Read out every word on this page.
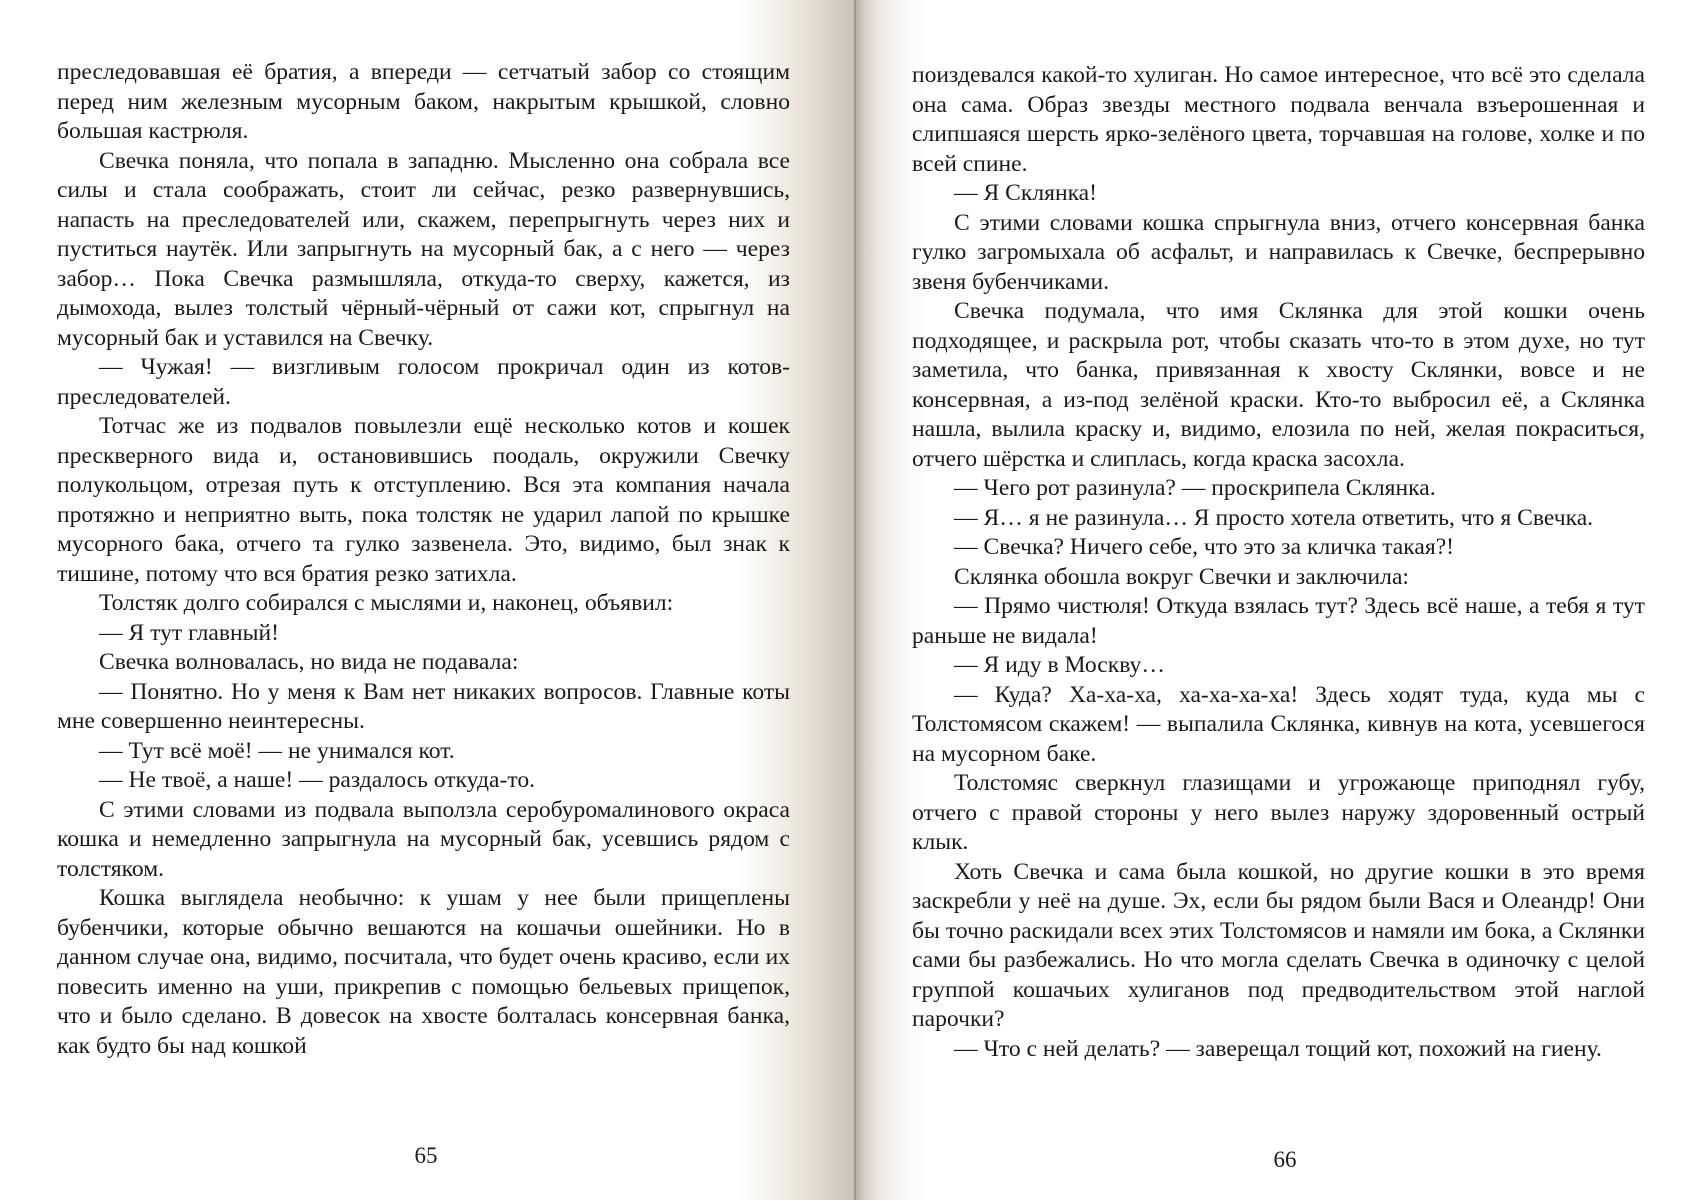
преследовавшая её братия, а впереди — сетчатый забор со стоящим перед ним железным мусорным баком, накрытым крышкой, словно большая кастрюля.

Свечка поняла, что попала в западню. Мысленно она собрала все силы и стала соображать, стоит ли сейчас, резко развернувшись, напасть на преследователей или, скажем, перепрыгнуть через них и пуститься наутёк. Или запрыгнуть на мусорный бак, а с него — через забор… Пока Свечка размышляла, откуда-то сверху, кажется, из дымохода, вылез толстый чёрный-чёрный от сажи кот, спрыгнул на мусорный бак и уставился на Свечку.

— Чужая! — визгливым голосом прокричал один из котов-преследователей.

Тотчас же из подвалов повылезли ещё несколько котов и кошек прескверного вида и, остановившись поодаль, окружили Свечку полукольцом, отрезая путь к отступлению. Вся эта компания начала протяжно и неприятно выть, пока толстяк не ударил лапой по крышке мусорного бака, отчего та гулко зазвенела. Это, видимо, был знак к тишине, потому что вся братия резко затихла.

Толстяк долго собирался с мыслями и, наконец, объявил:

— Я тут главный!

Свечка волновалась, но вида не подавала:

— Понятно. Но у меня к Вам нет никаких вопросов. Главные коты мне совершенно неинтересны.

— Тут всё моё! — не унимался кот.

— Не твоё, а наше! — раздалось откуда-то.

С этими словами из подвала выползла серобуромалинового окраса кошка и немедленно запрыгнула на мусорный бак, усевшись рядом с толстяком.

Кошка выглядела необычно: к ушам у нее были прищеплены бубенчики, которые обычно вешаются на кошачьи ошейники. Но в данном случае она, видимо, посчитала, что будет очень красиво, если их повесить именно на уши, прикрепив с помощью бельевых прищепок, что и было сделано. В довесок на хвосте болталась консервная банка, как будто бы над кошкой

65

поиздевался какой-то хулиган. Но самое интересное, что всё это сделала она сама. Образ звезды местного подвала венчала взъерошенная и слипшаяся шерсть ярко-зелёного цвета, торчавшая на голове, холке и по всей спине.

— Я Склянка!

С этими словами кошка спрыгнула вниз, отчего консервная банка гулко загромыхала об асфальт, и направилась к Свечке, беспрерывно звеня бубенчиками.

Свечка подумала, что имя Склянка для этой кошки очень подходящее, и раскрыла рот, чтобы сказать что-то в этом духе, но тут заметила, что банка, привязанная к хвосту Склянки, вовсе и не консервная, а из-под зелёной краски. Кто-то выбросил её, а Склянка нашла, вылила краску и, видимо, елозила по ней, желая покраситься, отчего шёрстка и слиплась, когда краска засохла.

— Чего рот разинула? — проскрипела Склянка.

— Я… я не разинула… Я просто хотела ответить, что я Свечка.

— Свечка? Ничего себе, что это за кличка такая?!

Склянка обошла вокруг Свечки и заключила:

— Прямо чистюля! Откуда взялась тут? Здесь всё наше, а тебя я тут раньше не видала!

— Я иду в Москву…

— Куда? Ха-ха-ха, ха-ха-ха-ха! Здесь ходят туда, куда мы с Толстомясом скажем! — выпалила Склянка, кивнув на кота, усевшегося на мусорном баке.

Толстомяс сверкнул глазищами и угрожающе приподнял губу, отчего с правой стороны у него вылез наружу здоровенный острый клык.

Хоть Свечка и сама была кошкой, но другие кошки в это время заскребли у неё на душе. Эх, если бы рядом были Вася и Олеандр! Они бы точно раскидали всех этих Толстомясов и намяли им бока, а Склянки сами бы разбежались. Но что могла сделать Свечка в одиночку с целой группой кошачьих хулиганов под предводительством этой наглой парочки?

— Что с ней делать? — заверещал тощий кот, похожий на гиену.

66
